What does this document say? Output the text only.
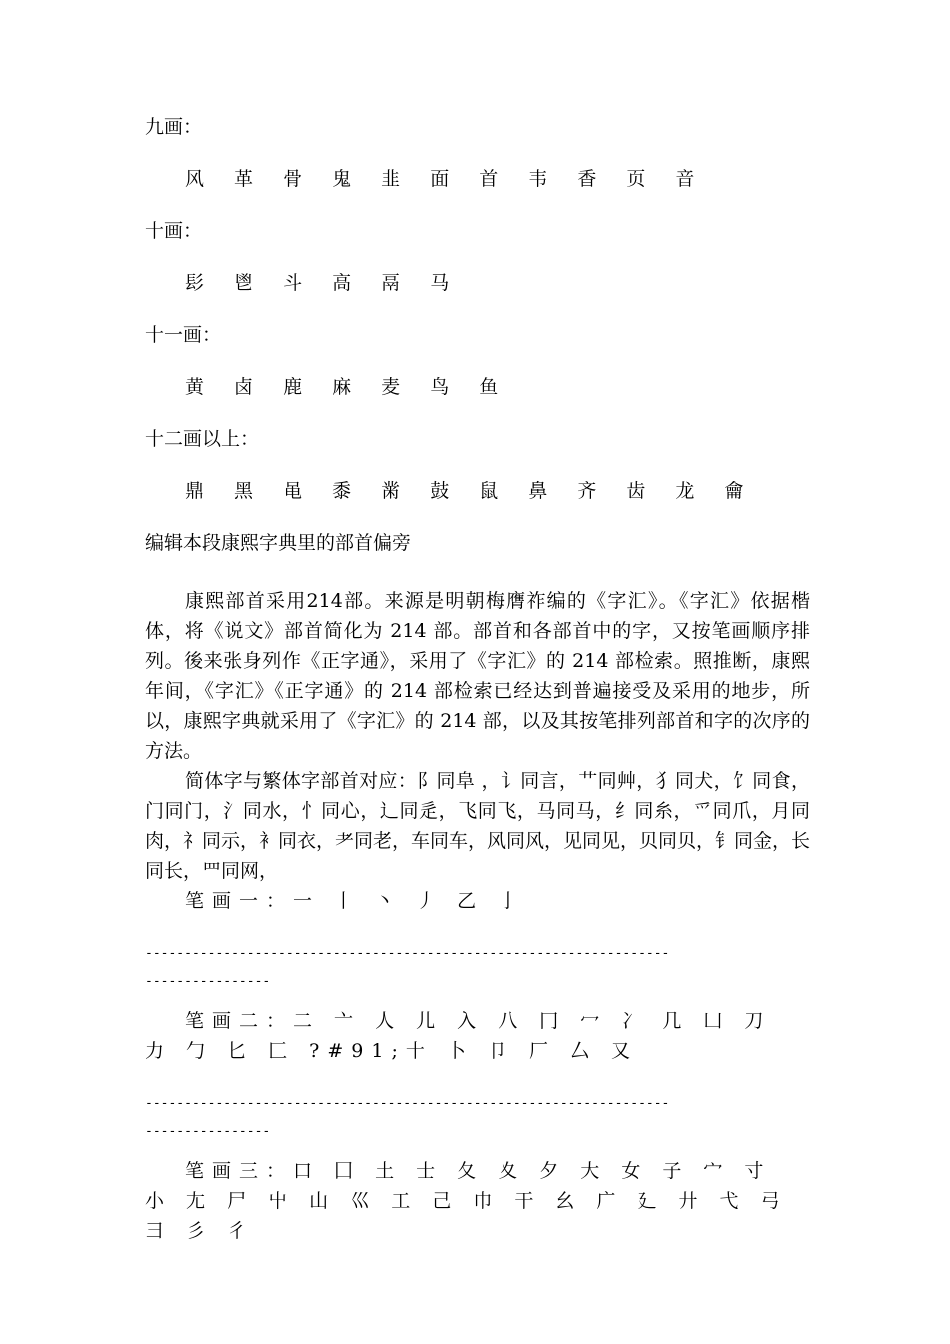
九画：

风 革 骨 鬼 韭 面 首 韦 香 页 音

十画：

髟 鬯 斗 高 鬲 马

十一画：

黄 卤 鹿 麻 麦 鸟 鱼

十二画以上：

鼎 黑 黾 黍 黹 鼓 鼠 鼻 齐 齿 龙 龠

编辑本段康熙字典里的部首偏旁

康熙部首采用214部。来源是明朝梅膺祚编的《字汇》。《字汇》依据楷体，将《说文》部首简化为 214 部。部首和各部首中的字，又按笔画顺序排列。後来张身列作《正字通》，采用了《字汇》的 214 部检索。照推断，康熙年间，《字汇》《正字通》的 214 部检索已经达到普遍接受及采用的地步，所以，康熙字典就采用了《字汇》的 214 部，以及其按笔排列部首和字的次序的方法。

简体字与繁体字部首对应：阝同阜 ，讠同言，艹同艸，犭同犬，饣同食，门同门，氵同水，忄同心，辶同辵，飞同飞，马同马，纟同糸，爫同爪，月同肉，礻同示，衤同衣，耂同老，车同车，风同风，见同见，贝同贝，钅同金，长同长，罒同网，

笔画一：一 丨 丶 丿 乙 亅

-------------------------------------------------------------------
----------------

笔画二：二 亠 人 儿 入 八 冂 冖 冫 几 凵 刀 力 勹 匕 匚 ?#91;十 卜 卩 厂 厶 又

-------------------------------------------------------------------
----------------

笔画三：口 囗 土 士 夂 夊 夕 大 女 子 宀 寸 小 尢 尸 屮 山 巛 工 己 巾 干 幺 广 廴 廾 弋 弓 彐 彡 彳
